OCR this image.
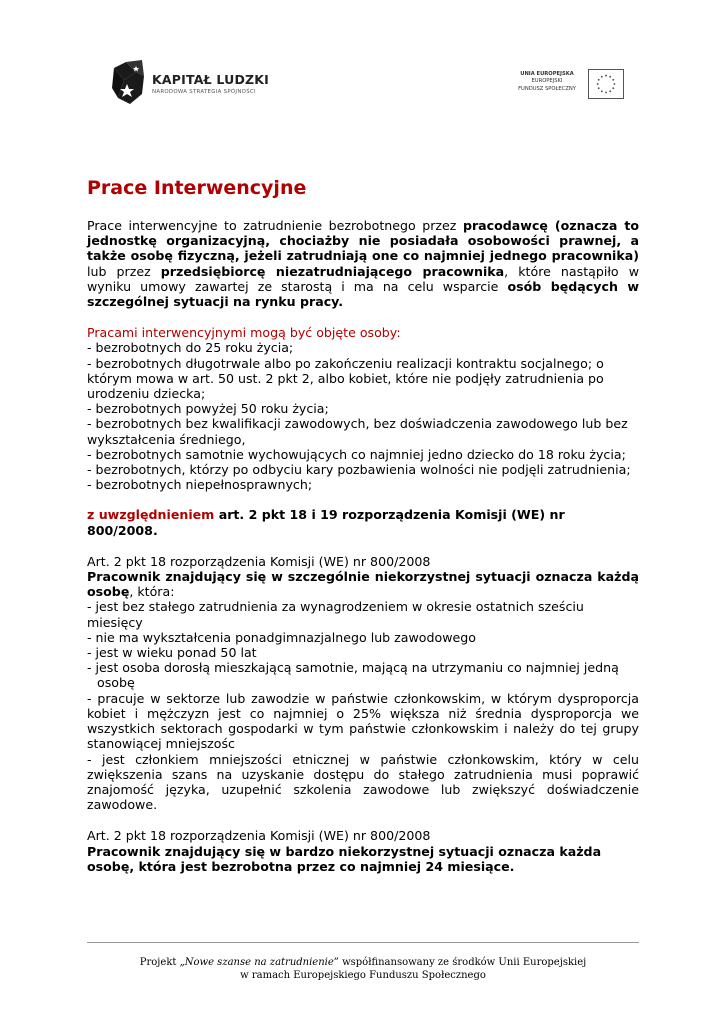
KAPITAŁ LUDZKI
NARODOWA STRATEGIA SPÓJNOŚCI
UNIA EUROPEJSKA
EUROPEJSKI
FUNDUSZ SPOŁECZNY
Prace Interwencyjne

Prace interwencyjne to zatrudnienie bezrobotnego przez pracodawcę (oznacza to jednostkę organizacyjną, chociażby nie posiadała osobowości prawnej, a także osobę fizyczną, jeżeli zatrudniają one co najmniej jednego pracownika) lub przez przedsiębiorcę niezatrudniającego pracownika, które nastąpiło w wyniku umowy zawartej ze starostą i ma na celu wsparcie osób będących w szczególnej sytuacji na rynku pracy.

Pracami interwencyjnymi mogą być objęte osoby:

- bezrobotnych do 25 roku życia;

- bezrobotnych długotrwale albo po zakończeniu realizacji kontraktu socjalnego; o którym mowa w art. 50 ust. 2 pkt 2, albo kobiet, które nie podjęły zatrudnienia po urodzeniu dziecka;

- bezrobotnych powyżej 50 roku życia;

- bezrobotnych bez kwalifikacji zawodowych, bez doświadczenia zawodowego lub bez wykształcenia średniego,

- bezrobotnych samotnie wychowujących co najmniej jedno dziecko do 18 roku życia;

- bezrobotnych, którzy po odbyciu kary pozbawienia wolności nie podjęli zatrudnienia;

- bezrobotnych niepełnosprawnych;

z uwzględnieniem art. 2 pkt 18 i 19 rozporządzenia Komisji (WE) nr 800/2008.

Art. 2 pkt 18 rozporządzenia Komisji (WE) nr 800/2008

Pracownik znajdujący się w szczególnie niekorzystnej sytuacji oznacza każdą osobę, która:

- jest bez stałego zatrudnienia za wynagrodzeniem w okresie ostatnich sześciu miesięcy

- nie ma wykształcenia ponadgimnazjalnego lub zawodowego

- jest w wieku ponad 50 lat

- jest osoba dorosłą mieszkającą samotnie, mającą na utrzymaniu co najmniej jedną

osobę

- pracuje w sektorze lub zawodzie w państwie członkowskim, w którym dysproporcja kobiet i mężczyzn jest co najmniej o 25% większa niż średnia dysproporcja we wszystkich sektorach gospodarki w tym państwie członkowskim i należy do tej grupy stanowiącej mniejszośc

- jest członkiem mniejszości etnicznej w państwie członkowskim, który w celu zwiększenia szans na uzyskanie dostępu do stałego zatrudnienia musi poprawić znajomość języka, uzupełnić szkolenia zawodowe lub zwiększyć doświadczenie zawodowe.

Art. 2 pkt 18 rozporządzenia Komisji (WE) nr 800/2008

Pracownik znajdujący się w bardzo niekorzystnej sytuacji oznacza każda osobę, która jest bezrobotna przez co najmniej 24 miesiące.

Projekt „Nowe szanse na zatrudnienie” współfinansowany ze środków Unii Europejskiej

w ramach Europejskiego Funduszu Społecznego
